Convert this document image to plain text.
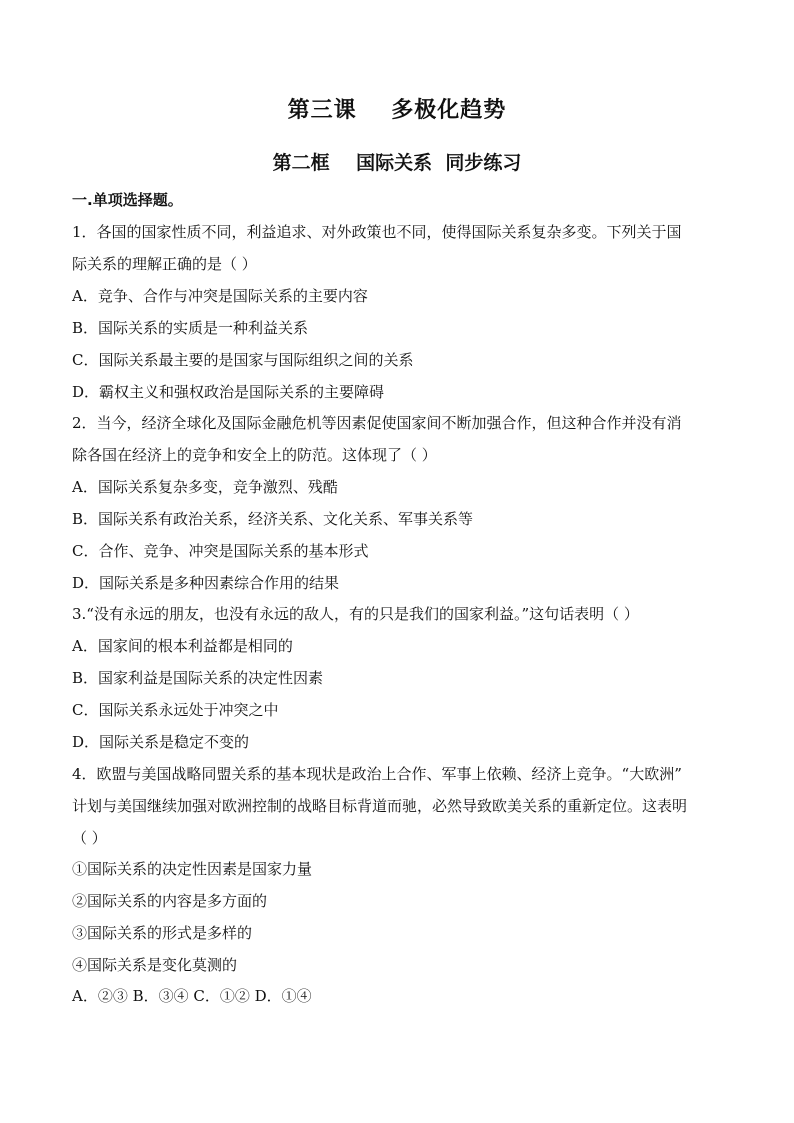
第三课    多极化趋势
第二框    国际关系  同步练习
一.单项选择题。
1．各国的国家性质不同，利益追求、对外政策也不同，使得国际关系复杂多变。下列关于国
际关系的理解正确的是（ ）
A．竞争、合作与冲突是国际关系的主要内容
B．国际关系的实质是一种利益关系
C．国际关系最主要的是国家与国际组织之间的关系
D．霸权主义和强权政治是国际关系的主要障碍
2．当今，经济全球化及国际金融危机等因素促使国家间不断加强合作，但这种合作并没有消
除各国在经济上的竞争和安全上的防范。这体现了（ ）
A．国际关系复杂多变，竞争激烈、残酷
B．国际关系有政治关系，经济关系、文化关系、军事关系等
C．合作、竞争、冲突是国际关系的基本形式
D．国际关系是多种因素综合作用的结果
3.“没有永远的朋友，也没有永远的敌人，有的只是我们的国家利益。”这句话表明（ ）
A．国家间的根本利益都是相同的
B．国家利益是国际关系的决定性因素
C．国际关系永远处于冲突之中
D．国际关系是稳定不变的
4．欧盟与美国战略同盟关系的基本现状是政治上合作、军事上依赖、经济上竞争。“大欧洲”
计划与美国继续加强对欧洲控制的战略目标背道而驰，必然导致欧美关系的重新定位。这表明
（ ）
①国际关系的决定性因素是国家力量
②国际关系的内容是多方面的
③国际关系的形式是多样的
④国际关系是变化莫测的
A．②③ B．③④ C．①② D．①④
